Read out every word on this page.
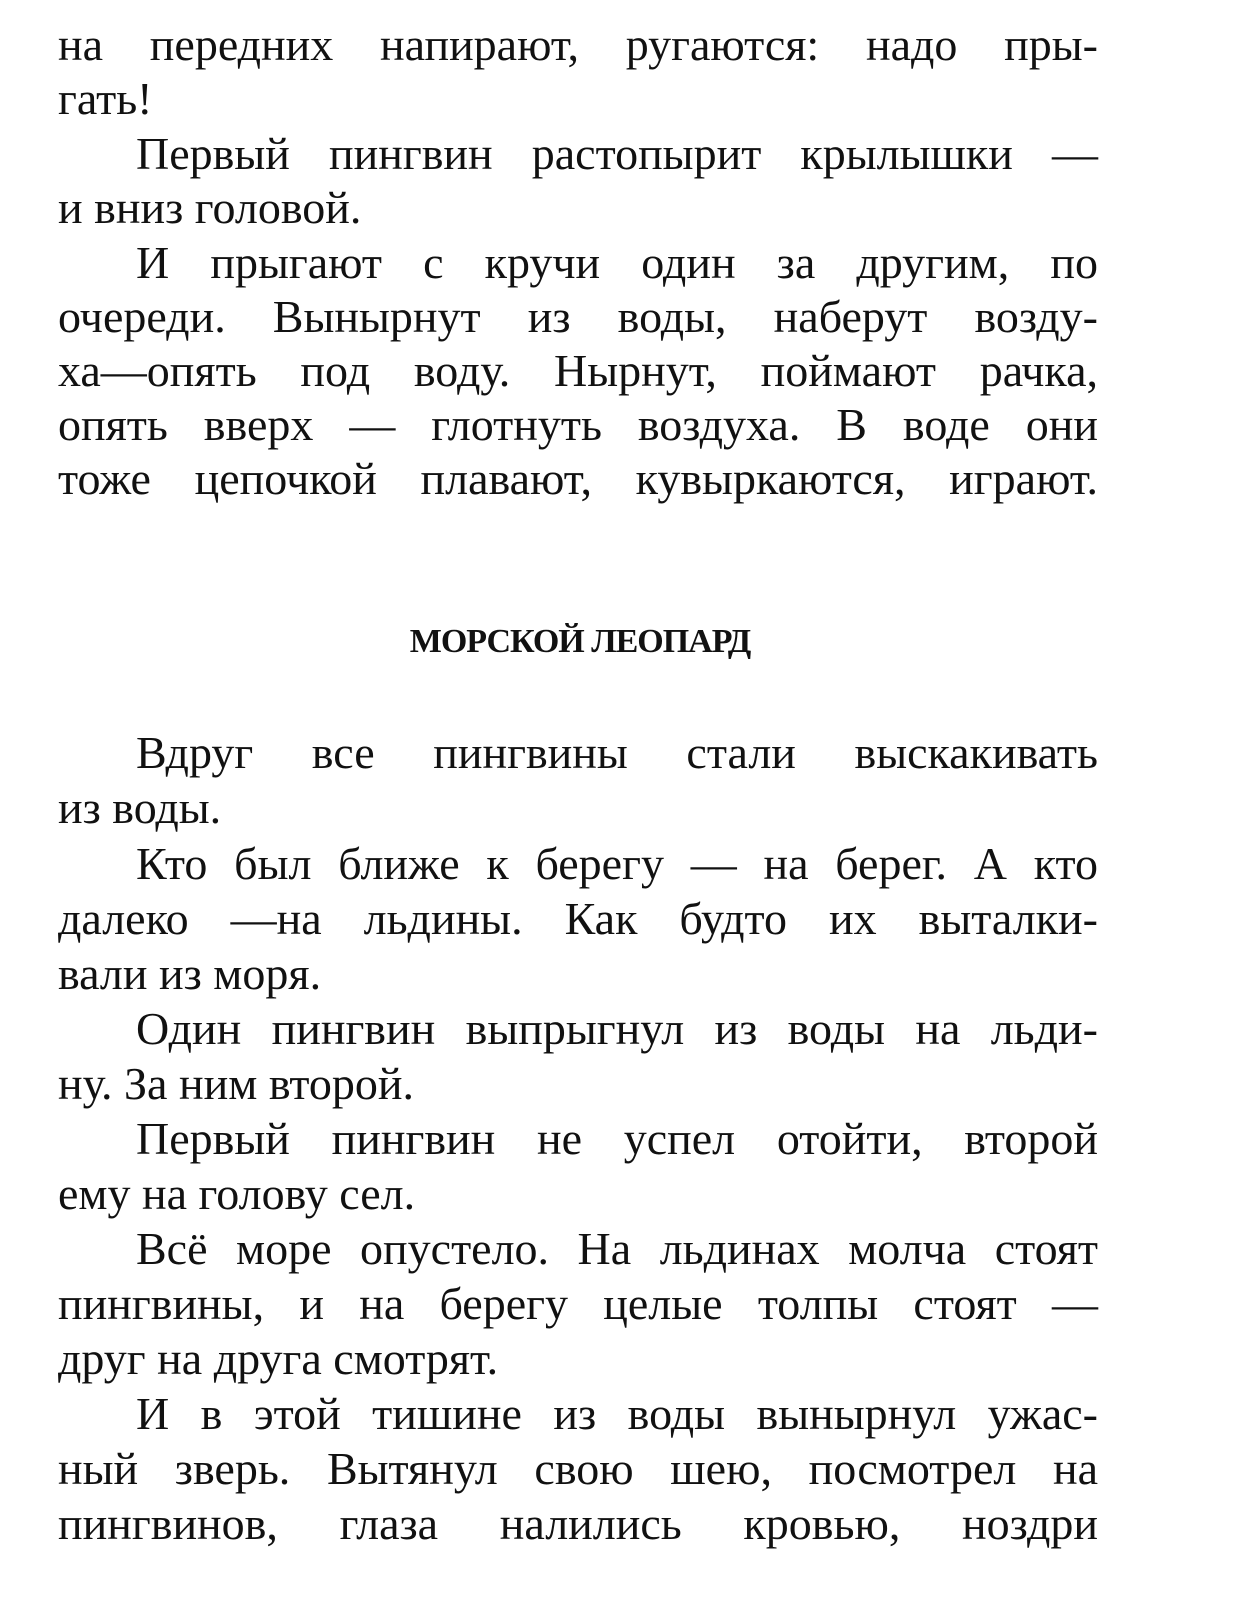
на передних напирают, ругаются: надо пры-
гать!
Первый пингвин растопырит крылышки —
и вниз головой.
И прыгают с кручи один за другим, по
очереди. Вынырнут из воды, наберут возду-
ха—опять под воду. Нырнут, поймают рачка,
опять вверх — глотнуть воздуха. В воде они
тоже цепочкой плавают, кувыркаются, играют.
МОРСКОЙ ЛЕОПАРД
Вдруг все пингвины стали выскакивать
из воды.
Кто был ближе к берегу — на берег. А кто
далеко —на льдины. Как будто их выталки-
вали из моря.
Один пингвин выпрыгнул из воды на льди-
ну. За ним второй.
Первый пингвин не успел отойти, второй
ему на голову сел.
Всё море опустело. На льдинах молча стоят
пингвины, и на берегу целые толпы стоят —
друг на друга смотрят.
И в этой тишине из воды вынырнул ужас-
ный зверь. Вытянул свою шею, посмотрел на
пингвинов, глаза налились кровью, ноздри
